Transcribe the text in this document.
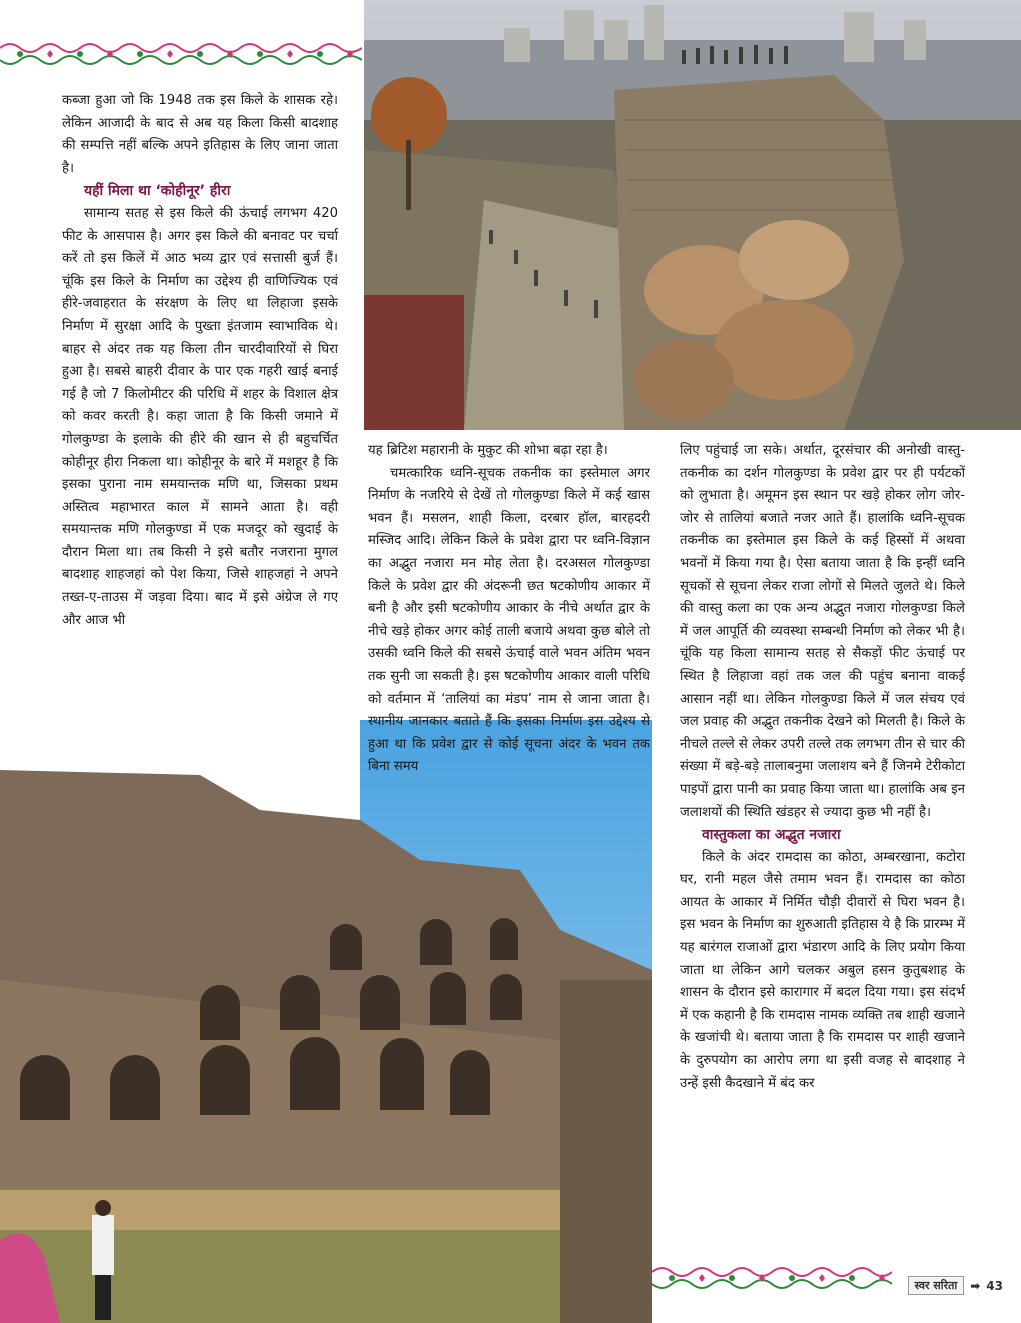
कब्जा हुआ जो कि 1948 तक इस किले के शासक रहे। लेकिन आजादी के बाद से अब यह किला किसी बादशाह की सम्पत्ति नहीं बल्कि अपने इतिहास के लिए जाना जाता है।

यहीं मिला था ‘कोहीनूर’ हीरा

सामान्य सतह से इस किले की ऊंचाई लगभग 420 फीट के आसपास है। अगर इस किले की बनावट पर चर्चा करें तो इस किलें में आठ भव्य द्वार एवं सत्तासी बुर्ज हैं। चूंकि इस किले के निर्माण का उद्देश्य ही वाणिज्यिक एवं हीरे-जवाहरात के संरक्षण के लिए था लिहाजा इसके निर्माण में सुरक्षा आदि के पुख्ता इंतजाम स्वाभाविक थे। बाहर से अंदर तक यह किला तीन चारदीवारियों से घिरा हुआ है। सबसे बाहरी दीवार के पार एक गहरी खाई बनाई गई है जो 7 किलोमीटर की परिधि में शहर के विशाल क्षेत्र को कवर करती है। कहा जाता है कि किसी जमाने में गोलकुण्डा के इलाके की हीरे की खान से ही बहुचर्चित कोहीनूर हीरा निकला था। कोहीनूर के बारे में मशहूर है कि इसका पुराना नाम समयान्तक मणि था, जिसका प्रथम अस्तित्व महाभारत काल में सामने आता है। वही समयान्तक मणि गोलकुण्डा में एक मजदूर को खुदाई के दौरान मिला था। तब किसी ने इसे बतौर नजराना मुगल बादशाह शाहजहां को पेश किया, जिसे शाहजहां ने अपने तख्त-ए-ताउस में जड़वा दिया। बाद में इसे अंग्रेज ले गए और आज भी

यह ब्रिटिश महारानी के मुकुट की शोभा बढ़ा रहा है।

चमत्कारिक ध्वनि-सूचक तकनीक का इस्तेमाल अगर निर्माण के नजरिये से देखें तो गोलकुण्डा किले में कई खास भवन हैं। मसलन, शाही किला, दरबार हॉल, बारहदरी मस्जिद आदि। लेकिन किले के प्रवेश द्वारा पर ध्वनि-विज्ञान का अद्भुत नजारा मन मोह लेता है। दरअसल गोलकुण्डा किले के प्रवेश द्वार की अंदरूनी छत षटकोणीय आकार में बनी है और इसी षटकोणीय आकार के नीचे अर्थात द्वार के नीचे खड़े होकर अगर कोई ताली बजाये अथवा कुछ बोले तो उसकी ध्वनि किले की सबसे ऊंचाई वाले भवन अंतिम भवन तक सुनी जा सकती है। इस षटकोणीय आकार वाली परिधि को वर्तमान में ‘तालियां का मंडप’ नाम से जाना जाता है। स्थानीय जानकार बताते हैं कि इसका निर्माण इस उद्देश्य से हुआ था कि प्रवेश द्वार से कोई सूचना अंदर के भवन तक बिना समय

लिए पहुंचाई जा सके। अर्थात, दूरसंचार की अनोखी वास्तु-तकनीक का दर्शन गोलकुण्डा के प्रवेश द्वार पर ही पर्यटकों को लुभाता है। अमूमन इस स्थान पर खड़े होकर लोग जोर-जोर से तालियां बजाते नजर आते हैं। हालांकि ध्वनि-सूचक तकनीक का इस्तेमाल इस किले के कई हिस्सों में अथवा भवनों में किया गया है। ऐसा बताया जाता है कि इन्हीं ध्वनि सूचकों से सूचना लेकर राजा लोगों से मिलते जुलते थे। किले की वास्तु कला का एक अन्य अद्भुत नजारा गोलकुण्डा किले में जल आपूर्ति की व्यवस्था सम्बन्धी निर्माण को लेकर भी है। चूंकि यह किला सामान्य सतह से सैकड़ों फीट ऊंचाई पर स्थित है लिहाजा वहां तक जल की पहुंच बनाना वाकई आसान नहीं था। लेकिन गोलकुण्डा किले में जल संचय एवं जल प्रवाह की अद्भुत तकनीक देखने को मिलती है। किले के नीचले तल्ले से लेकर उपरी तल्ले तक लगभग तीन से चार की संख्या में बड़े-बड़े तालाबनुमा जलाशय बने हैं जिनमे टेरीकोटा पाइपों द्वारा पानी का प्रवाह किया जाता था। हालांकि अब इन जलाशयों की स्थिति खंडहर से ज्यादा कुछ भी नहीं है।

वास्तुकला का अद्भुत नजारा

किले के अंदर रामदास का कोठा, अम्बरखाना, कटोरा घर, रानी महल जैसे तमाम भवन हैं। रामदास का कोठा आयत के आकार में निर्मित चौड़ी दीवारों से घिरा भवन है। इस भवन के निर्माण का शुरुआती इतिहास ये है कि प्रारम्भ में यह बारंगल राजाओं द्वारा भंडारण आदि के लिए प्रयोग किया जाता था लेकिन आगे चलकर अबुल हसन कुतुबशाह के शासन के दौरान इसे कारागार में बदल दिया गया। इस संदर्भ में एक कहानी है कि रामदास नामक व्यक्ति तब शाही खजाने के खजांची थे। बताया जाता है कि रामदास पर शाही खजाने के दुरुपयोग का आरोप लगा था इसी वजह से बादशाह ने उन्हें इसी कैदखाने में बंद कर

स्वर सरिता	➡ 43
